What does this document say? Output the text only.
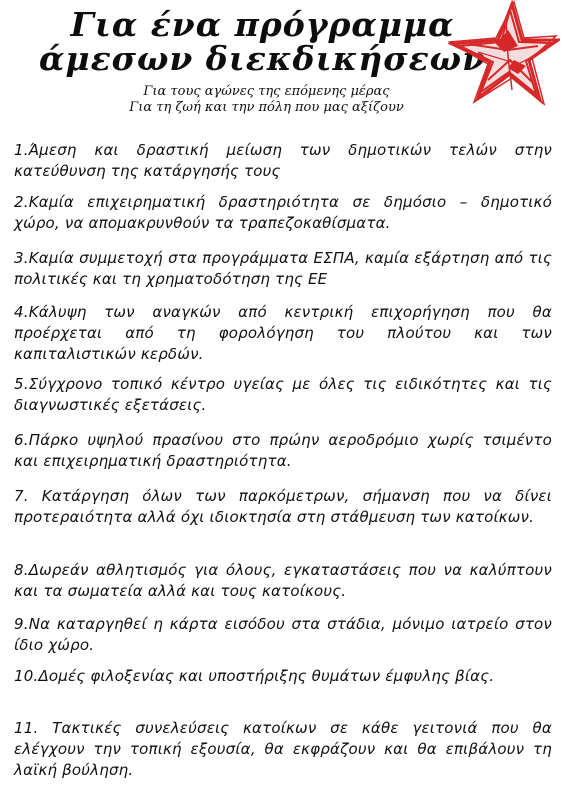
Για ένα πρόγραμμα
άμεσων διεκδικήσεων
Για τους αγώνες της επόμενης μέρας
Για τη ζωή και την πόλη που μας αξίζουν
1.Άμεση και δραστική μείωση των δημοτικών τελών στην κατεύθυνση της κατάργησής τους
2.Καμία επιχειρηματική δραστηριότητα σε δημόσιο – δημοτικό χώρο, να απομακρυνθούν τα τραπεζοκαθίσματα.
3.Καμία συμμετοχή στα προγράμματα ΕΣΠΑ, καμία εξάρτηση από τις πολιτικές και τη χρηματοδότηση της ΕΕ
4.Κάλυψη των αναγκών από κεντρική επιχορήγηση που θα προέρχεται από τη φορολόγηση του πλούτου και των καπιταλιστικών κερδών.
5.Σύγχρονο τοπικό κέντρο υγείας με όλες τις ειδικότητες και τις διαγνωστικές εξετάσεις.
6.Πάρκο υψηλού πρασίνου στο πρώην αεροδρόμιο χωρίς τσιμέντο και επιχειρηματική δραστηριότητα.
7. Κατάργηση όλων των παρκόμετρων, σήμανση που να δίνει προτεραιότητα αλλά όχι ιδιοκτησία στη στάθμευση των κατοίκων.
8.Δωρεάν αθλητισμός για όλους, εγκαταστάσεις που να καλύπτουν και τα σωματεία αλλά και τους κατοίκους.
9.Να καταργηθεί η κάρτα εισόδου στα στάδια, μόνιμο ιατρείο στον ίδιο χώρο.
10.Δομές φιλοξενίας και υποστήριξης θυμάτων έμφυλης βίας.
11. Τακτικές συνελεύσεις κατοίκων σε κάθε γειτονιά που θα ελέγχουν την τοπική εξουσία, θα εκφράζουν και θα επιβάλουν τη λαϊκή βούληση.
